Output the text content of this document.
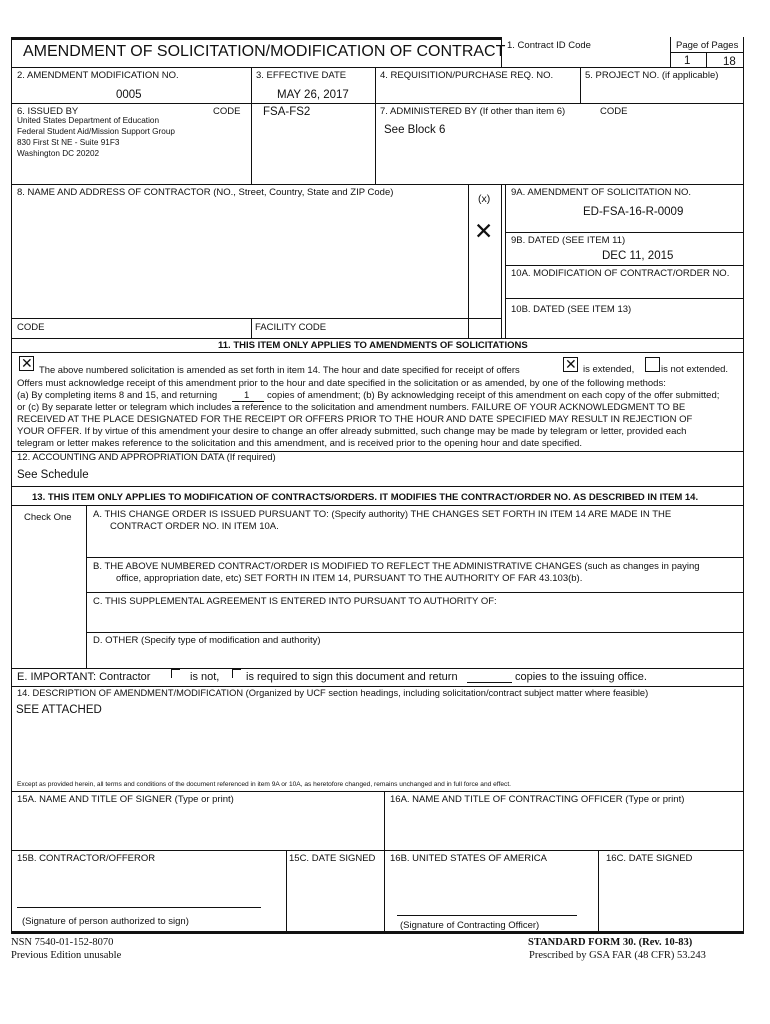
AMENDMENT OF SOLICITATION/MODIFICATION OF CONTRACT 1. Contract ID Code	Page of Pages
1	18
2. AMENDMENT MODIFICATION NO.
0005
3. EFFECTIVE DATE
MAY 26, 2017
4. REQUISITION/PURCHASE REQ. NO.	5. PROJECT NO. (if applicable)
6. ISSUED BY	CODE FSA-FS2
United States Department of Education
Federal Student Aid/Mission Support Group
830 First St NE - Suite 91F3
Washington DC 20202
7. ADMINISTERED BY (If other than item 6)	CODE
See Block 6
8. NAME AND ADDRESS OF CONTRACTOR (NO., Street, Country, State and ZIP Code)
(x)
✕
9A. AMENDMENT OF SOLICITATION NO.
ED-FSA-16-R-0009
9B. DATED (SEE ITEM 11)
DEC 11, 2015
10A. MODIFICATION OF CONTRACT/ORDER NO.
10B. DATED (SEE ITEM 13)
CODE	FACILITY CODE
11. THIS ITEM ONLY APPLIES TO AMENDMENTS OF SOLICITATIONS
✕ The above numbered solicitation is amended as set forth in item 14. The hour and date specified for receipt of offers	✕ is extended,	is not extended.
Offers must acknowledge receipt of this amendment prior to the hour and date specified in the solicitation or as amended, by one of the following methods:
(a) By completing items 8 and 15, and returning	1 copies of amendment; (b) By acknowledging receipt of this amendment on each copy of the offer submitted;
or (c) By separate letter or telegram which includes a reference to the solicitation and amendment numbers. FAILURE OF YOUR ACKNOWLEDGMENT TO BE
RECEIVED AT THE PLACE DESIGNATED FOR THE RECEIPT OR OFFERS PRIOR TO THE HOUR AND DATE SPECIFIED MAY RESULT IN REJECTION OF
YOUR OFFER. If by virtue of this amendment your desire to change an offer already submitted, such change may be made by telegram or letter, provided each
telegram or letter makes reference to the solicitation and this amendment, and is received prior to the opening hour and date specified.
12. ACCOUNTING AND APPROPRIATION DATA (If required)
See Schedule
13. THIS ITEM ONLY APPLIES TO MODIFICATION OF CONTRACTS/ORDERS. IT MODIFIES THE CONTRACT/ORDER NO. AS DESCRIBED IN ITEM 14.
Check One A. THIS CHANGE ORDER IS ISSUED PURSUANT TO: (Specify authority) THE CHANGES SET FORTH IN ITEM 14 ARE MADE IN THE
CONTRACT ORDER NO. IN ITEM 10A.
B. THE ABOVE NUMBERED CONTRACT/ORDER IS MODIFIED TO REFLECT THE ADMINISTRATIVE CHANGES (such as changes in paying
office, appropriation date, etc) SET FORTH IN ITEM 14, PURSUANT TO THE AUTHORITY OF FAR 43.103(b).
C. THIS SUPPLEMENTAL AGREEMENT IS ENTERED INTO PURSUANT TO AUTHORITY OF:
D. OTHER (Specify type of modification and authority)
E. IMPORTANT: Contractor	is not, is required to sign this document and return	copies to the issuing office.
14. DESCRIPTION OF AMENDMENT/MODIFICATION (Organized by UCF section headings, including solicitation/contract subject matter where feasible)
SEE ATTACHED
Except as provided herein, all terms and conditions of the document referenced in item 9A or 10A, as heretofore changed, remains unchanged and in full force and effect.
15A. NAME AND TITLE OF SIGNER (Type or print)	16A. NAME AND TITLE OF CONTRACTING OFFICER (Type or print)
15B. CONTRACTOR/OFFEROR	15C. DATE SIGNED 16B. UNITED STATES OF AMERICA	16C. DATE SIGNED
(Signature of person authorized to sign)	(Signature of Contracting Officer)
NSN 7540-01-152-8070
Previous Edition unusable
STANDARD FORM 30. (Rev. 10-83)
Prescribed by GSA FAR (48 CFR) 53.243
